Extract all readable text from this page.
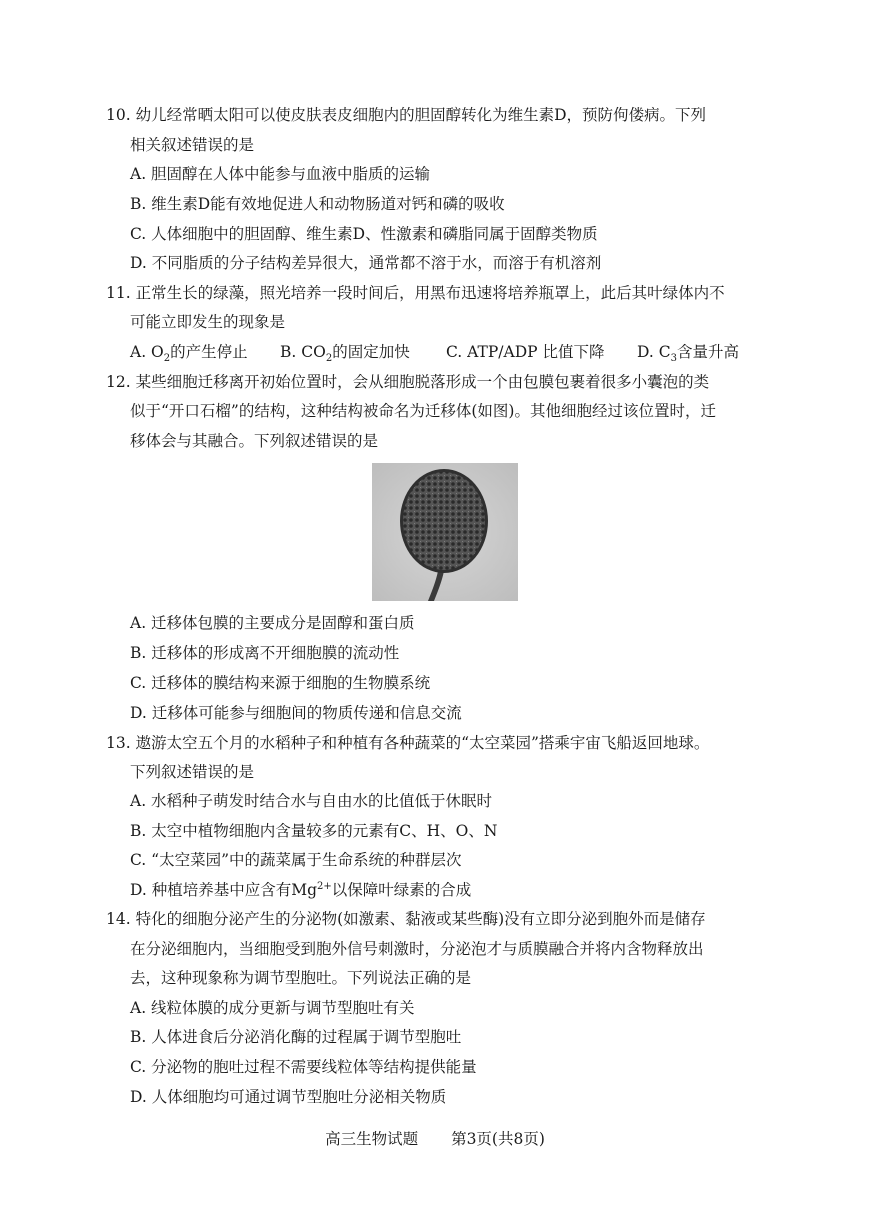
10. 幼儿经常晒太阳可以使皮肤表皮细胞内的胆固醇转化为维生素D，预防佝偻病。下列
相关叙述错误的是
A. 胆固醇在人体中能参与血液中脂质的运输
B. 维生素D能有效地促进人和动物肠道对钙和磷的吸收
C. 人体细胞中的胆固醇、维生素D、性激素和磷脂同属于固醇类物质
D. 不同脂质的分子结构差异很大，通常都不溶于水，而溶于有机溶剂
11. 正常生长的绿藻，照光培养一段时间后，用黑布迅速将培养瓶罩上，此后其叶绿体内不
可能立即发生的现象是
A. $O_2$的产生停止 B. $CO_2$的固定加快 C. ATP/ADP 比值下降 D. $C_3$含量升高
12. 某些细胞迁移离开初始位置时，会从细胞脱落形成一个由包膜包裹着很多小囊泡的类
似于“开口石榴”的结构，这种结构被命名为迁移体(如图)。其他细胞经过该位置时，迁
移体会与其融合。下列叙述错误的是
A. 迁移体包膜的主要成分是固醇和蛋白质
B. 迁移体的形成离不开细胞膜的流动性
C. 迁移体的膜结构来源于细胞的生物膜系统
D. 迁移体可能参与细胞间的物质传递和信息交流
13. 遨游太空五个月的水稻种子和种植有各种蔬菜的“太空菜园”搭乘宇宙飞船返回地球。
下列叙述错误的是
A. 水稻种子萌发时结合水与自由水的比值低于休眠时
B. 太空中植物细胞内含量较多的元素有C、H、O、N
C. “太空菜园”中的蔬菜属于生命系统的种群层次
D. 种植培养基中应含有$Mg^{2+}$以保障叶绿素的合成
14. 特化的细胞分泌产生的分泌物(如激素、黏液或某些酶)没有立即分泌到胞外而是储存
在分泌细胞内，当细胞受到胞外信号刺激时，分泌泡才与质膜融合并将内含物释放出
去，这种现象称为调节型胞吐。下列说法正确的是
A. 线粒体膜的成分更新与调节型胞吐有关
B. 人体进食后分泌消化酶的过程属于调节型胞吐
C. 分泌物的胞吐过程不需要线粒体等结构提供能量
D. 人体细胞均可通过调节型胞吐分泌相关物质
高三生物试题 第3页(共8页)
